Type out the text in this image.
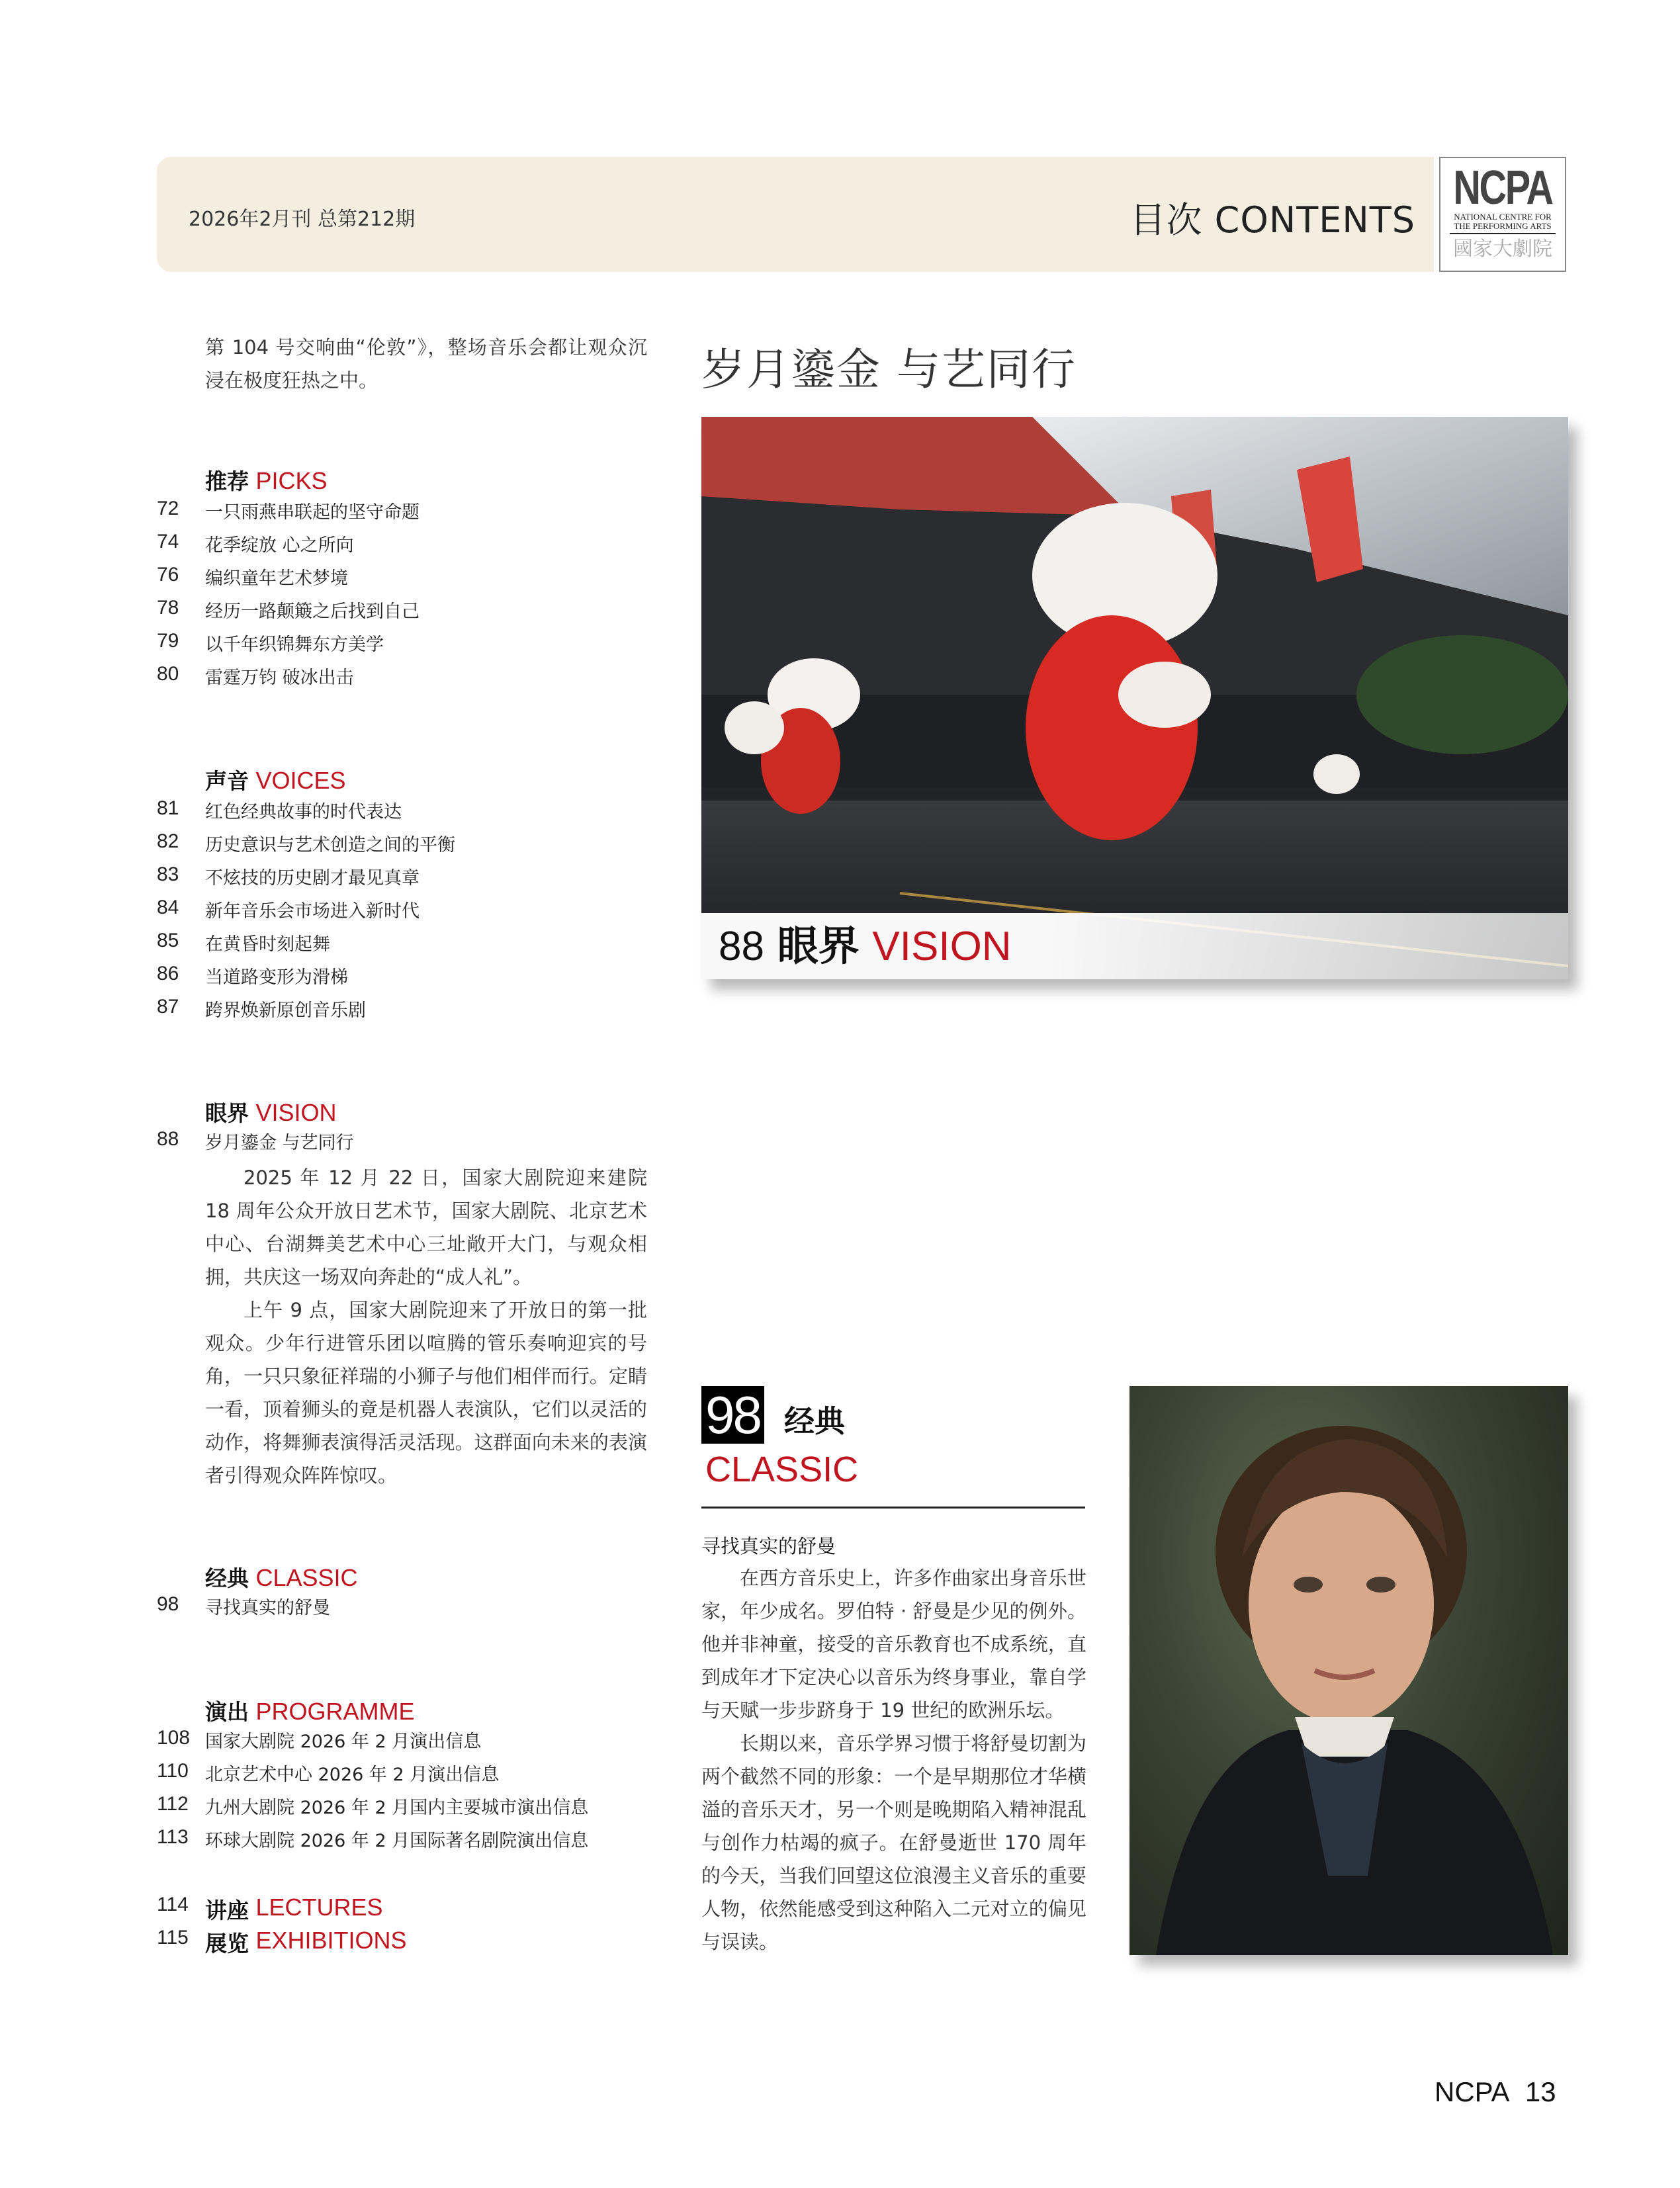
2026年2月刊 总第212期	目次 CONTENTS
NCPA
NATIONAL CENTRE FOR
THE PERFORMING ARTS
國家大劇院
第 104 号交响曲“伦敦”》，整场音乐会都让观众沉浸在极度狂热之中。
推荐 PICKS
声音 VOICES
眼界 VISION
2025 年 12 月 22 日，国家大剧院迎来建院 18 周年公众开放日艺术节，国家大剧院、北京艺术中心、台湖舞美艺术中心三址敞开大门，与观众相拥，共庆这一场双向奔赴的“成人礼”。
上午 9 点，国家大剧院迎来了开放日的第一批观众。少年行进管乐团以喧腾的管乐奏响迎宾的号角，一只只象征祥瑞的小狮子与他们相伴而行。定睛一看，顶着狮头的竟是机器人表演队，它们以灵活的动作，将舞狮表演得活灵活现。这群面向未来的表演者引得观众阵阵惊叹。
经典 CLASSIC
演出 PROGRAMME
114 讲座
LECTURES
115 展览
EXHIBITIONS
岁月鎏金 与艺同行
88 眼界 VISION
98 经典
CLASSIC
寻找真实的舒曼
在西方音乐史上，许多作曲家出身音乐世家，年少成名。罗伯特 · 舒曼是少见的例外。他并非神童，接受的音乐教育也不成系统，直到成年才下定决心以音乐为终身事业，靠自学与天赋一步步跻身于 19 世纪的欧洲乐坛。
长期以来，音乐学界习惯于将舒曼切割为两个截然不同的形象：一个是早期那位才华横溢的音乐天才，另一个则是晚期陷入精神混乱与创作力枯竭的疯子。在舒曼逝世 170 周年的今天，当我们回望这位浪漫主义音乐的重要人物，依然能感受到这种陷入二元对立的偏见与误读。
NCPA 13
72	一只雨燕串联起的坚守命题
74	花季绽放 心之所向
76	编织童年艺术梦境
78	经历一路颠簸之后找到自己
79	以千年织锦舞东方美学
80	雷霆万钧 破冰出击
81	红色经典故事的时代表达
82	历史意识与艺术创造之间的平衡
83	不炫技的历史剧才最见真章
84	新年音乐会市场进入新时代
85	在黄昏时刻起舞
86	当道路变形为滑梯
87	跨界焕新原创音乐剧
88	岁月鎏金 与艺同行
98	寻找真实的舒曼
108 国家大剧院 2026 年 2 月演出信息
110 北京艺术中心 2026 年 2 月演出信息
112 九州大剧院 2026 年 2 月国内主要城市演出信息
113 环球大剧院 2026 年 2 月国际著名剧院演出信息
